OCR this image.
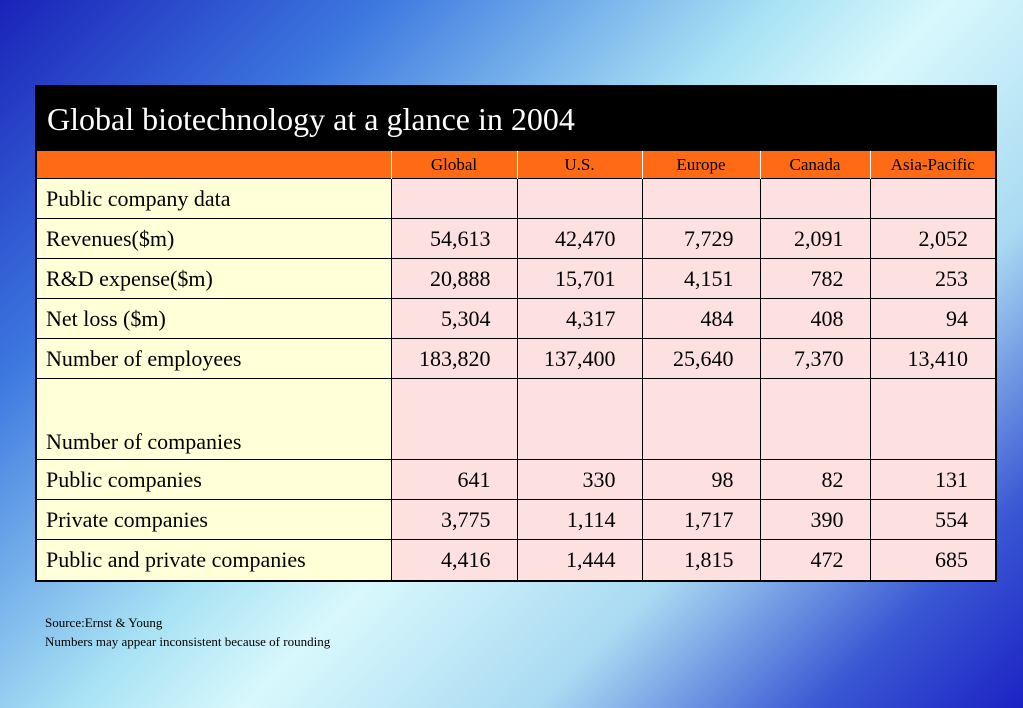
Global biotechnology at a glance in 2004
	Global	U.S.	Europe	Canada	Asia-Pacific
Public company data					
Revenues($m)	54,613	42,470	7,729	2,091	2,052
R&D expense($m)	20,888	15,701	4,151	782	253
Net loss ($m)	5,304	4,317	484	408	94
Number of employees	183,820	137,400	25,640	7,370	13,410
Number of companies					
Public companies	641	330	98	82	131
Private companies	3,775	1,114	1,717	390	554
Public and private companies	4,416	1,444	1,815	472	685
Source:Ernst & Young
Numbers may appear inconsistent because of rounding
